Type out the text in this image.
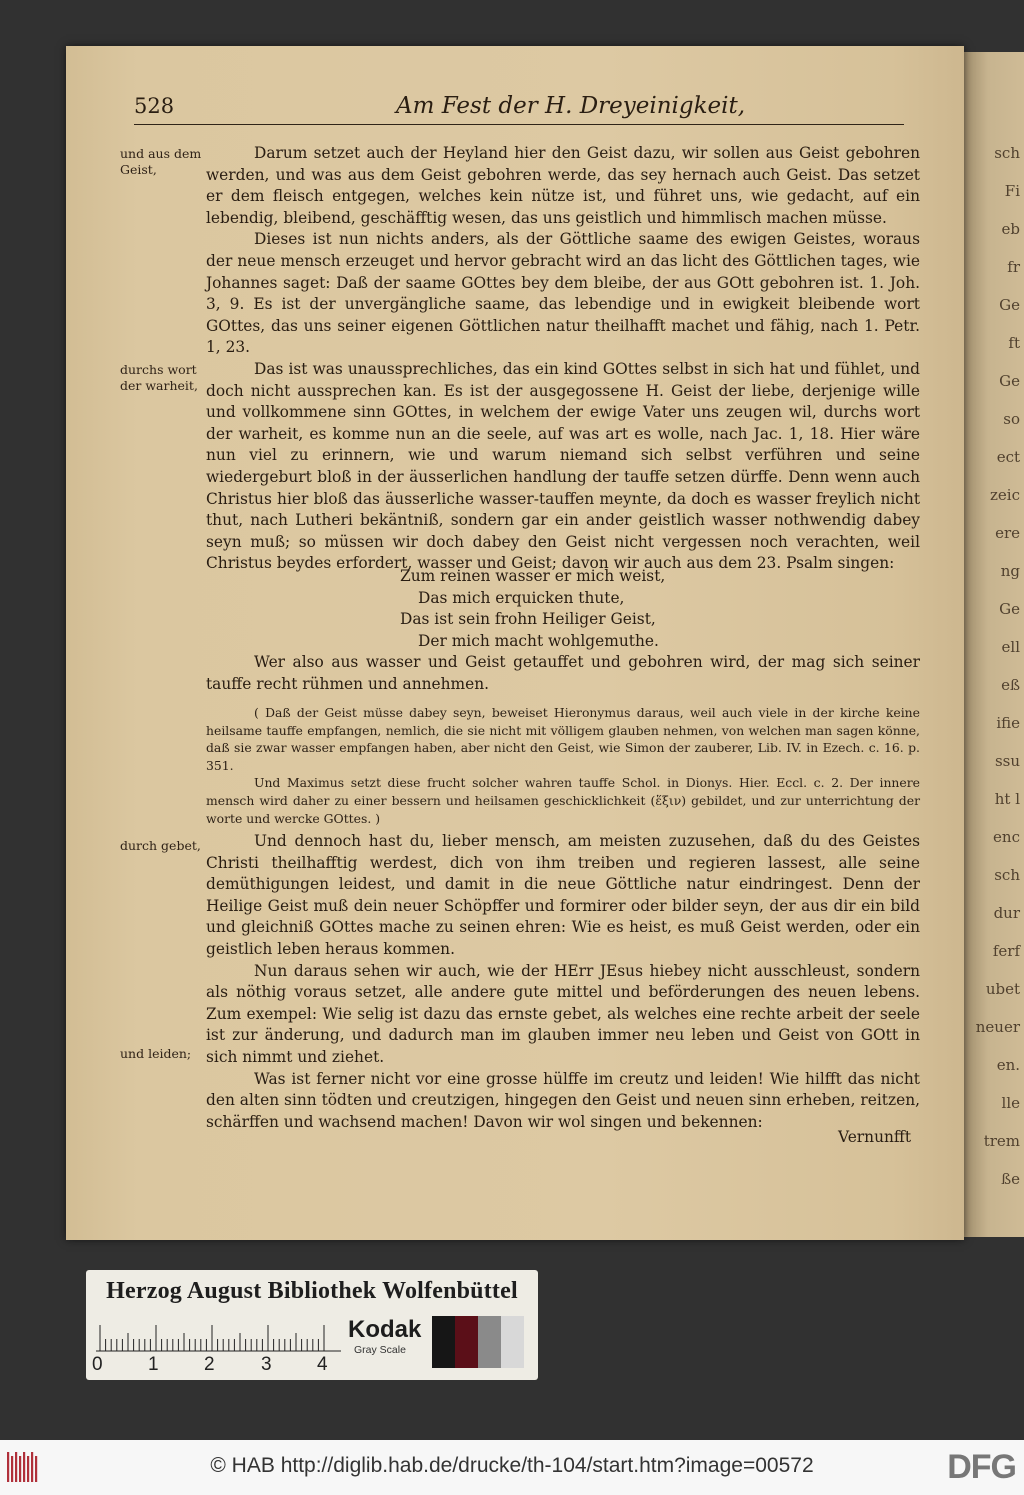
sch
Fi
eb
fr
Ge
ft
Ge
so
ect
zeic
ere
ng
Ge
ell
eß
ifie
ssu
ht l
enc
sch
dur
ferf
ubet
neuer
en.
lle
trem
ße
528	Am Fest der H. Dreyeinigkeit,
und aus dem Geist,
durchs wort der warheit,
durch gebet,
und leiden;

Darum setzet auch der Heyland hier den Geist dazu, wir sollen aus Geist gebohren werden, und was aus dem Geist gebohren werde, das sey hernach auch Geist. Das setzet er dem fleisch entgegen, welches kein nütze ist, und führet uns, wie gedacht, auf ein lebendig, bleibend, geschäfftig wesen, das uns geistlich und himmlisch machen müsse.

Dieses ist nun nichts anders, als der Göttliche saame des ewigen Geistes, woraus der neue mensch erzeuget und hervor gebracht wird an das licht des Göttlichen tages, wie Johannes saget: Daß der saame GOttes bey dem bleibe, der aus GOtt gebohren ist. 1. Joh. 3, 9. Es ist der unvergängliche saame, das lebendige und in ewigkeit bleibende wort GOttes, das uns seiner eigenen Göttlichen natur theilhafft machet und fähig, nach 1. Petr. 1, 23.

Das ist was unaussprechliches, das ein kind GOttes selbst in sich hat und fühlet, und doch nicht aussprechen kan. Es ist der ausgegossene H. Geist der liebe, derjenige wille und vollkommene sinn GOttes, in welchem der ewige Vater uns zeugen wil, durchs wort der warheit, es komme nun an die seele, auf was art es wolle, nach Jac. 1, 18. Hier wäre nun viel zu erinnern, wie und warum niemand sich selbst verführen und seine wiedergeburt bloß in der äusserlichen handlung der tauffe setzen dürffe. Denn wenn auch Christus hier bloß das äusserliche wasser-tauffen meynte, da doch es wasser freylich nicht thut, nach Lutheri bekäntniß, sondern gar ein ander geistlich wasser nothwendig dabey seyn muß; so müssen wir doch dabey den Geist nicht vergessen noch verachten, weil Christus beydes erfordert, wasser und Geist; davon wir auch aus dem 23. Psalm singen:

Zum reinen wasser er mich weist,
Das mich erquicken thute,
Das ist sein frohn Heiliger Geist,
Der mich macht wohlgemuthe.

Wer also aus wasser und Geist getauffet und gebohren wird, der mag sich seiner tauffe recht rühmen und annehmen.

( Daß der Geist müsse dabey seyn, beweiset Hieronymus daraus, weil auch viele in der kirche keine heilsame tauffe empfangen, nemlich, die sie nicht mit völligem glauben nehmen, von welchen man sagen könne, daß sie zwar wasser empfangen haben, aber nicht den Geist, wie Simon der zauberer, Lib. IV. in Ezech. c. 16. p. 351.

Und Maximus setzt diese frucht solcher wahren tauffe Schol. in Dionys. Hier. Eccl. c. 2. Der innere mensch wird daher zu einer bessern und heilsamen geschicklichkeit (ἕξιν) gebildet, und zur unterrichtung der worte und wercke GOttes. )

Und dennoch hast du, lieber mensch, am meisten zuzusehen, daß du des Geistes Christi theilhafftig werdest, dich von ihm treiben und regieren lassest, alle seine demüthigungen leidest, und damit in die neue Göttliche natur eindringest. Denn der Heilige Geist muß dein neuer Schöpffer und formirer oder bilder seyn, der aus dir ein bild und gleichniß GOttes mache zu seinen ehren: Wie es heist, es muß Geist werden, oder ein geistlich leben heraus kommen.

Nun daraus sehen wir auch, wie der HErr JEsus hiebey nicht ausschleust, sondern als nöthig voraus setzet, alle andere gute mittel und beförderungen des neuen lebens. Zum exempel: Wie selig ist dazu das ernste gebet, als welches eine rechte arbeit der seele ist zur änderung, und dadurch man im glauben immer neu leben und Geist von GOtt in sich nimmt und ziehet.

Was ist ferner nicht vor eine grosse hülffe im creutz und leiden! Wie hilfft das nicht den alten sinn tödten und creutzigen, hingegen den Geist und neuen sinn erheben, reitzen, schärffen und wachsend machen! Davon wir wol singen und bekennen:

Vernunfft
Herzog August Bibliothek Wolfenbüttel
0 1 2 3 4
Kodak
Gray Scale
© HAB http://diglib.hab.de/drucke/th-104/start.htm?image=00572	DFG
